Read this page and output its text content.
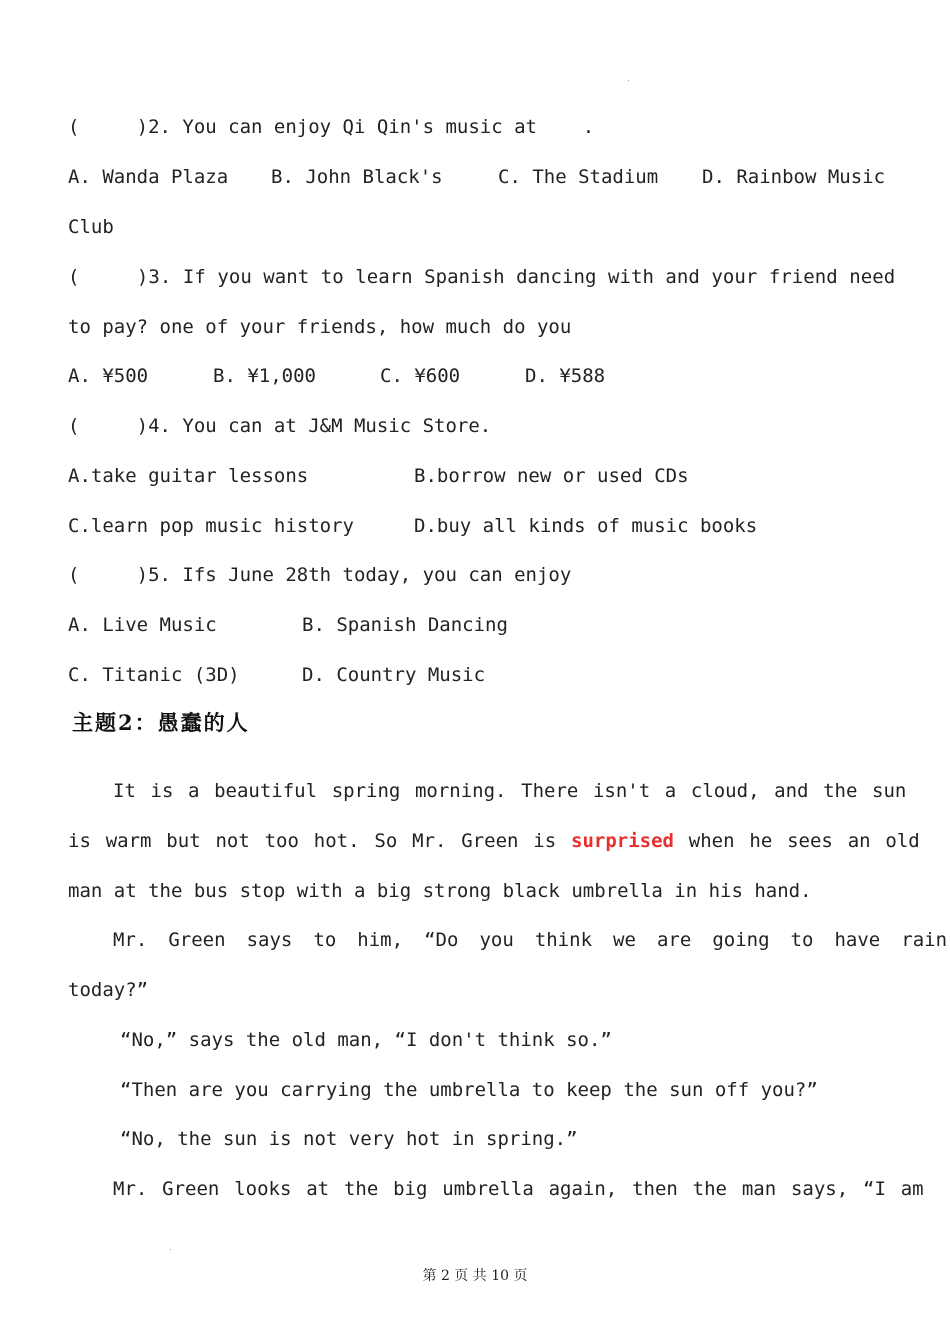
(     )2. You can enjoy Qi Qin's music at    .
A. Wanda Plaza B. John Black's	C. The Stadium D. Rainbow Music
Club
(     )3. If you want to learn Spanish dancing with and your friend need
to pay? one of your friends, how much do you
A. ¥500	B. ¥1,000	C. ¥600	D. ¥588
(     )4. You can at J&M Music Store.
A.take guitar lessons	B.borrow new or used CDs
C.learn pop music history	D.buy all kinds of music books
(     )5. Ifs June 28th today, you can enjoy
A. Live Music	B. Spanish Dancing
C. Titanic (3D)	D. Country Music
主题2：愚蠢的人
It is a beautiful spring morning. There isn't a cloud, and the sun
is warm but not too hot. So Mr. Green is surprised when he sees an old
man at the bus stop with a big strong black umbrella in his hand.
Mr. Green says to him, “Do you think we are going to have rain
today?”
“No,” says the old man, “I don't think so.”
“Then are you carrying the umbrella to keep the sun off you?”
“No, the sun is not very hot in spring.”
Mr. Green looks at the big umbrella again, then the man says, “I am
第 2 页 共 10 页
